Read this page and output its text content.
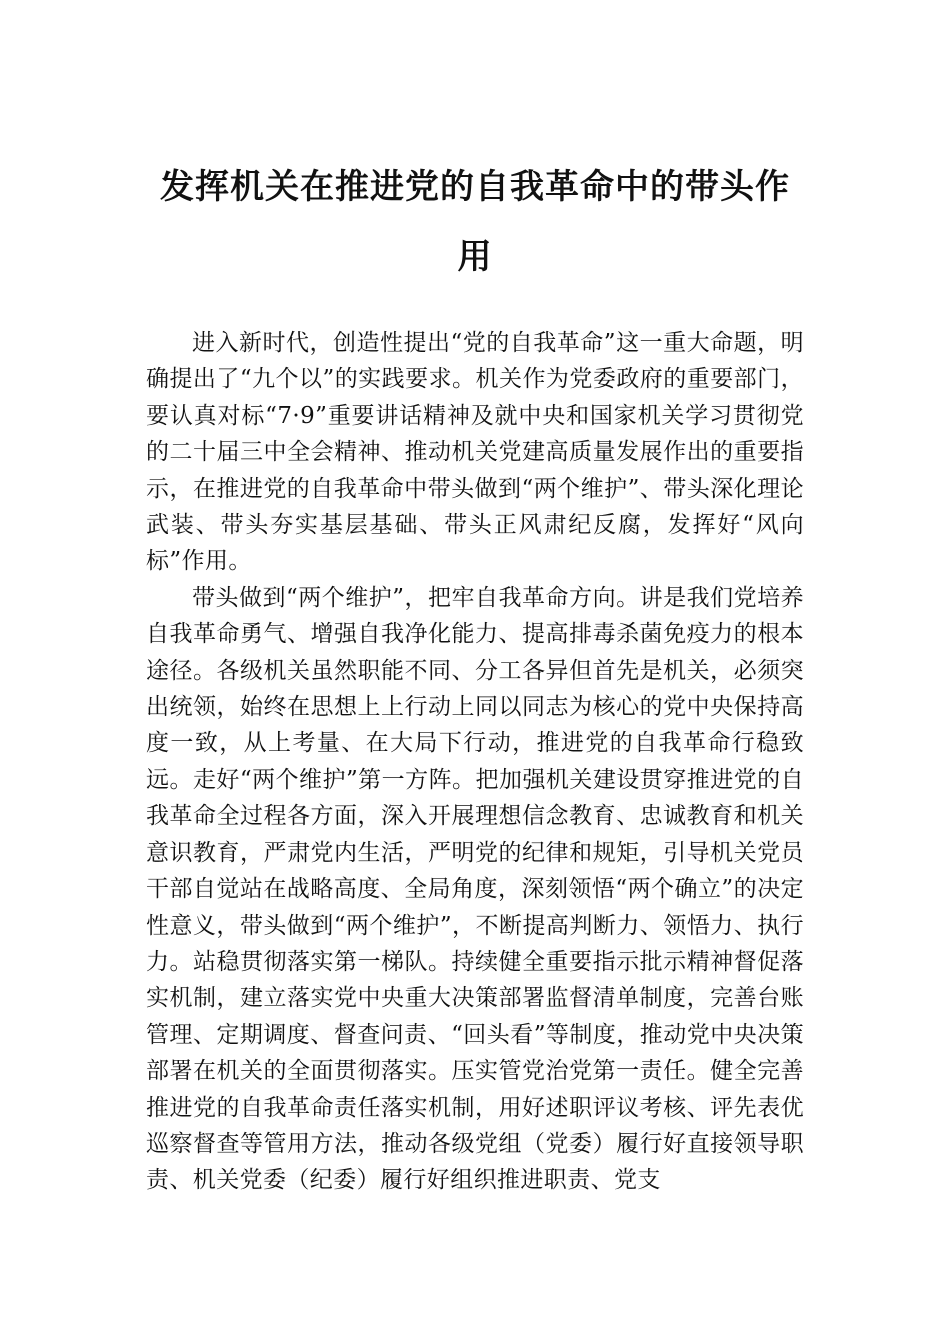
发挥机关在推进党的自我革命中的带头作用

进入新时代，创造性提出“党的自我革命”这一重大命题，明确提出了“九个以”的实践要求。机关作为党委政府的重要部门，要认真对标“7·9”重要讲话精神及就中央和国家机关学习贯彻党的二十届三中全会精神、推动机关党建高质量发展作出的重要指示，在推进党的自我革命中带头做到“两个维护”、带头深化理论武装、带头夯实基层基础、带头正风肃纪反腐，发挥好“风向标”作用。

带头做到“两个维护”，把牢自我革命方向。讲是我们党培养自我革命勇气、增强自我净化能力、提高排毒杀菌免疫力的根本途径。各级机关虽然职能不同、分工各异但首先是机关，必须突出统领，始终在思想上上行动上同以同志为核心的党中央保持高度一致，从上考量、在大局下行动，推进党的自我革命行稳致远。走好“两个维护”第一方阵。把加强机关建设贯穿推进党的自我革命全过程各方面，深入开展理想信念教育、忠诚教育和机关意识教育，严肃党内生活，严明党的纪律和规矩，引导机关党员干部自觉站在战略高度、全局角度，深刻领悟“两个确立”的决定性意义，带头做到“两个维护”，不断提高判断力、领悟力、执行力。站稳贯彻落实第一梯队。持续健全重要指示批示精神督促落实机制，建立落实党中央重大决策部署监督清单制度，完善台账管理、定期调度、督查问责、“回头看”等制度，推动党中央决策部署在机关的全面贯彻落实。压实管党治党第一责任。健全完善推进党的自我革命责任落实机制，用好述职评议考核、评先表优巡察督查等管用方法，推动各级党组（党委）履行好直接领导职责、机关党委（纪委）履行好组织推进职责、党支
